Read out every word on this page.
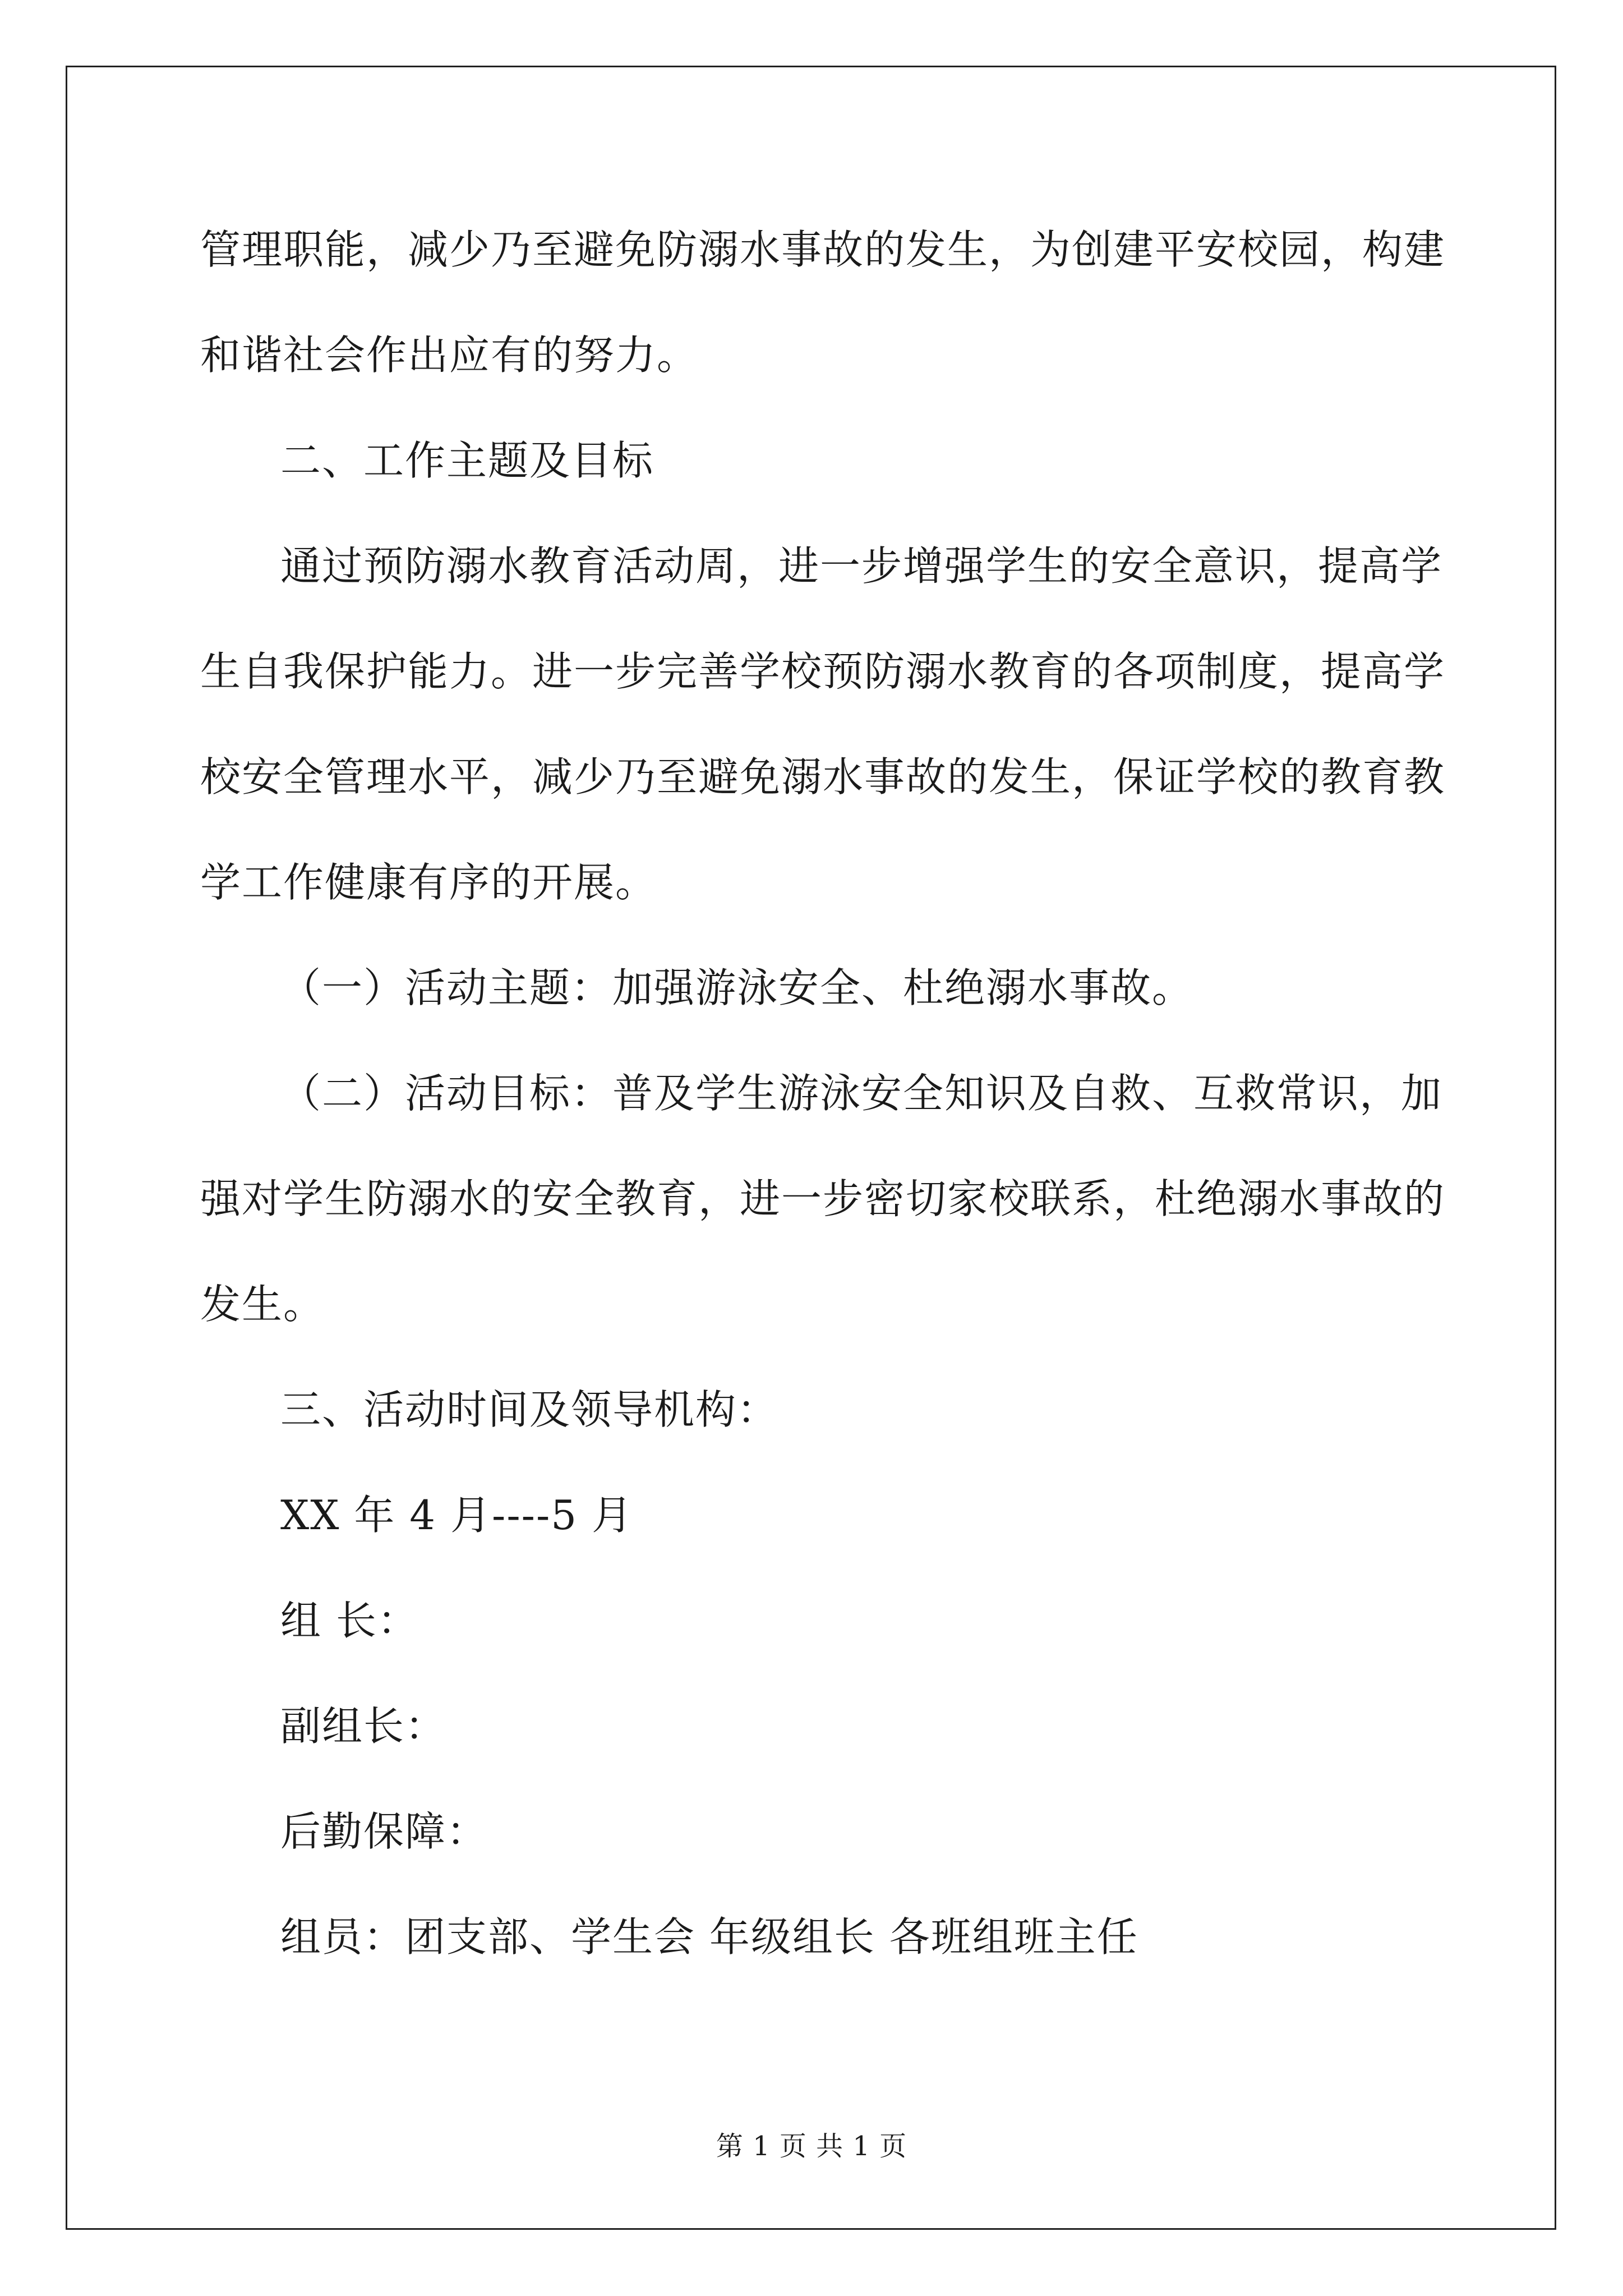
管理职能，减少乃至避免防溺水事故的发生，为创建平安校园，构建
和谐社会作出应有的努力。
二、工作主题及目标
通过预防溺水教育活动周，进一步增强学生的安全意识，提高学
生自我保护能力。进一步完善学校预防溺水教育的各项制度，提高学
校安全管理水平，减少乃至避免溺水事故的发生，保证学校的教育教
学工作健康有序的开展。
（一）活动主题：加强游泳安全、杜绝溺水事故。
（二）活动目标：普及学生游泳安全知识及自救、互救常识，加
强对学生防溺水的安全教育，进一步密切家校联系，杜绝溺水事故的
发生。
三、活动时间及领导机构：
XX 年 4 月----5 月
组 长：
副组长：
后勤保障：
组员：团支部、学生会 年级组长 各班组班主任
第 1 页 共 1 页
